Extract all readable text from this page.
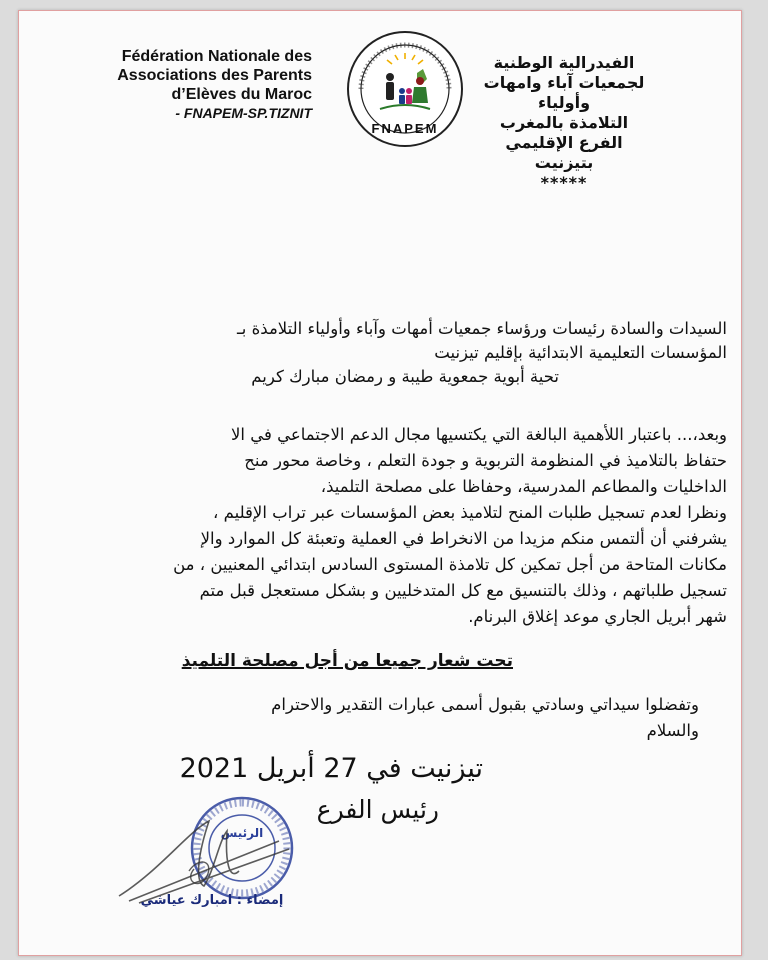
Fédération Nationale des
Associations des Parents
d’Elèves du Maroc
- FNAPEM-SP.TIZNIT
FNAPEM
الفيدرالية الوطنية
لجمعيات آباء وامهات وأولياء
التلامذة بالمغرب
الفرع الإقليمي بتيزنيت
*****
السيدات والسادة رئيسات ورؤساء جمعيات أمهات وآباء وأولياء التلامذة بـ
المؤسسات التعليمية الابتدائية بإقليم تيزنيت
تحية أبوية جمعوية طيبة و رمضان مبارك كريم
وبعد،... باعتبار اللأهمية البالغة التي يكتسيها مجال الدعم الاجتماعي في الا
حتفاظ بالتلاميذ في المنظومة التربوية و جودة التعلم ، وخاصة محور منح
الداخليات والمطاعم المدرسية، وحفاظا على مصلحة التلميذ،
ونظرا لعدم تسجيل طلبات المنح لتلاميذ بعض المؤسسات عبر تراب الإقليم ،
يشرفني أن ألتمس منكم مزيدا من الانخراط في العملية وتعبئة كل الموارد والإ
مكانات المتاحة من أجل تمكين كل تلامذة المستوى السادس ابتدائي المعنيين ، من
تسجيل طلباتهم ، وذلك بالتنسيق مع كل المتدخليين و بشكل مستعجل قبل متم
شهر أبريل الجاري موعد إغلاق البرنام.
تحت شعار جميعا من أجل مصلحة التلميذ
وتفضلوا سيداتي وسادتي بقبول أسمى عبارات التقدير والاحترام
والسلام
تيزنيت في 27 أبريل 2021
رئيس الفرع
الرئيس
إمضاء : امبارك عياشي
